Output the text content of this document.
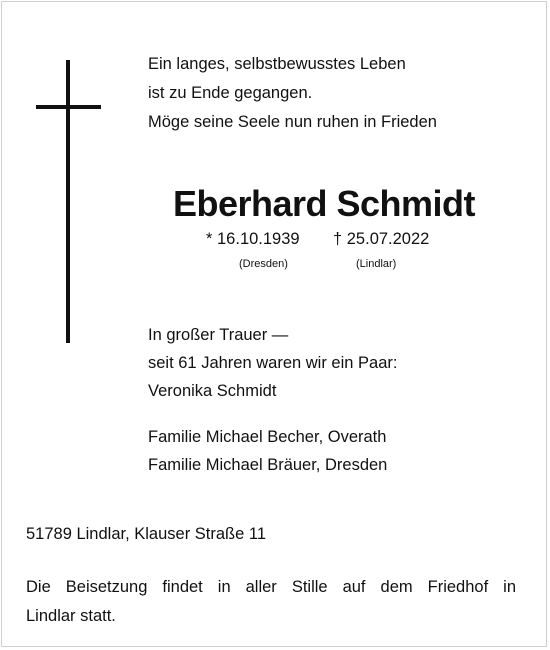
Ein langes, selbstbewusstes Leben
ist zu Ende gegangen.
Möge seine Seele nun ruhen in Frieden
Eberhard Schmidt
* 16.10.1939 † 25.07.2022
(Dresden)	(Lindlar)
In großer Trauer —
seit 61 Jahren waren wir ein Paar:
Veronika Schmidt
Familie Michael Becher, Overath
Familie Michael Bräuer, Dresden
51789 Lindlar, Klauser Straße 11
Die Beisetzung findet in aller Stille auf dem Friedhof in
Lindlar statt.
